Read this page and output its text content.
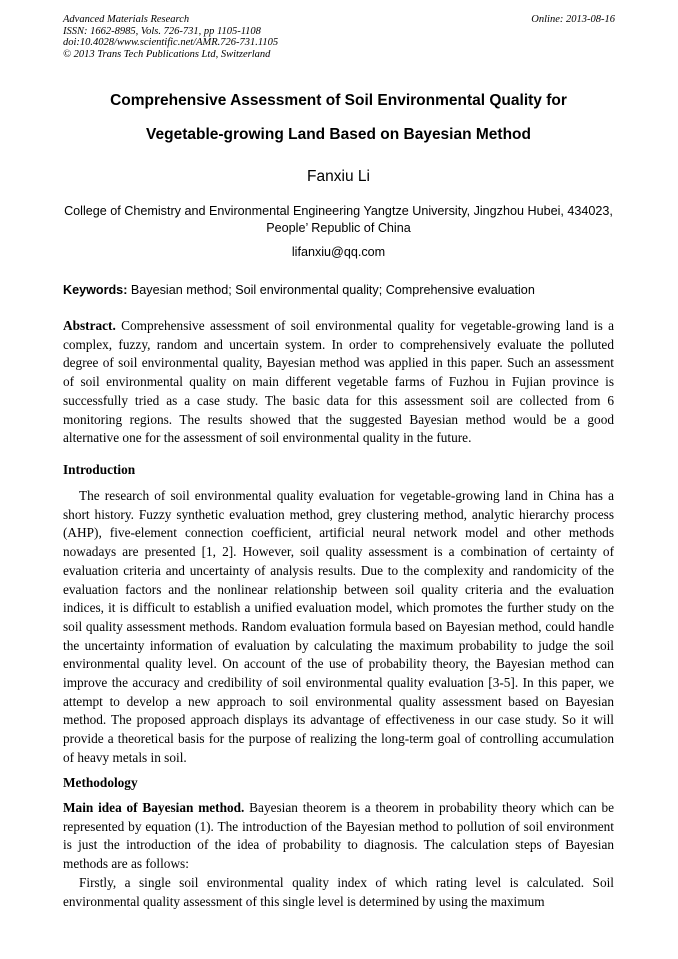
Advanced Materials Research
ISSN: 1662-8985, Vols. 726-731, pp 1105-1108
doi:10.4028/www.scientific.net/AMR.726-731.1105
© 2013 Trans Tech Publications Ltd, Switzerland
Online: 2013-08-16
Comprehensive Assessment of Soil Environmental Quality for
Vegetable-growing Land Based on Bayesian Method
Fanxiu Li
College of Chemistry and Environmental Engineering Yangtze University, Jingzhou Hubei, 434023,
People’ Republic of China
lifanxiu@qq.com
Keywords: Bayesian method; Soil environmental quality; Comprehensive evaluation
Abstract. Comprehensive assessment of soil environmental quality for vegetable-growing land is a complex, fuzzy, random and uncertain system. In order to comprehensively evaluate the polluted degree of soil environmental quality, Bayesian method was applied in this paper. Such an assessment of soil environmental quality on main different vegetable farms of Fuzhou in Fujian province is successfully tried as a case study. The basic data for this assessment soil are collected from 6 monitoring regions. The results showed that the suggested Bayesian method would be a good alternative one for the assessment of soil environmental quality in the future.
Introduction
The research of soil environmental quality evaluation for vegetable-growing land in China has a short history. Fuzzy synthetic evaluation method, grey clustering method, analytic hierarchy process (AHP), five-element connection coefficient, artificial neural network model and other methods nowadays are presented [1, 2]. However, soil quality assessment is a combination of certainty of evaluation criteria and uncertainty of analysis results. Due to the complexity and randomicity of the evaluation factors and the nonlinear relationship between soil quality criteria and the evaluation indices, it is difficult to establish a unified evaluation model, which promotes the further study on the soil quality assessment methods. Random evaluation formula based on Bayesian method, could handle the uncertainty information of evaluation by calculating the maximum probability to judge the soil environmental quality level. On account of the use of probability theory, the Bayesian method can improve the accuracy and credibility of soil environmental quality evaluation [3-5]. In this paper, we attempt to develop a new approach to soil environmental quality assessment based on Bayesian method. The proposed approach displays its advantage of effectiveness in our case study. So it will provide a theoretical basis for the purpose of realizing the long-term goal of controlling accumulation of heavy metals in soil.
Methodology
Main idea of Bayesian method. Bayesian theorem is a theorem in probability theory which can be represented by equation (1). The introduction of the Bayesian method to pollution of soil environment is just the introduction of the idea of probability to diagnosis. The calculation steps of Bayesian methods are as follows:
Firstly, a single soil environmental quality index of which rating level is calculated. Soil environmental quality assessment of this single level is determined by using the maximum
